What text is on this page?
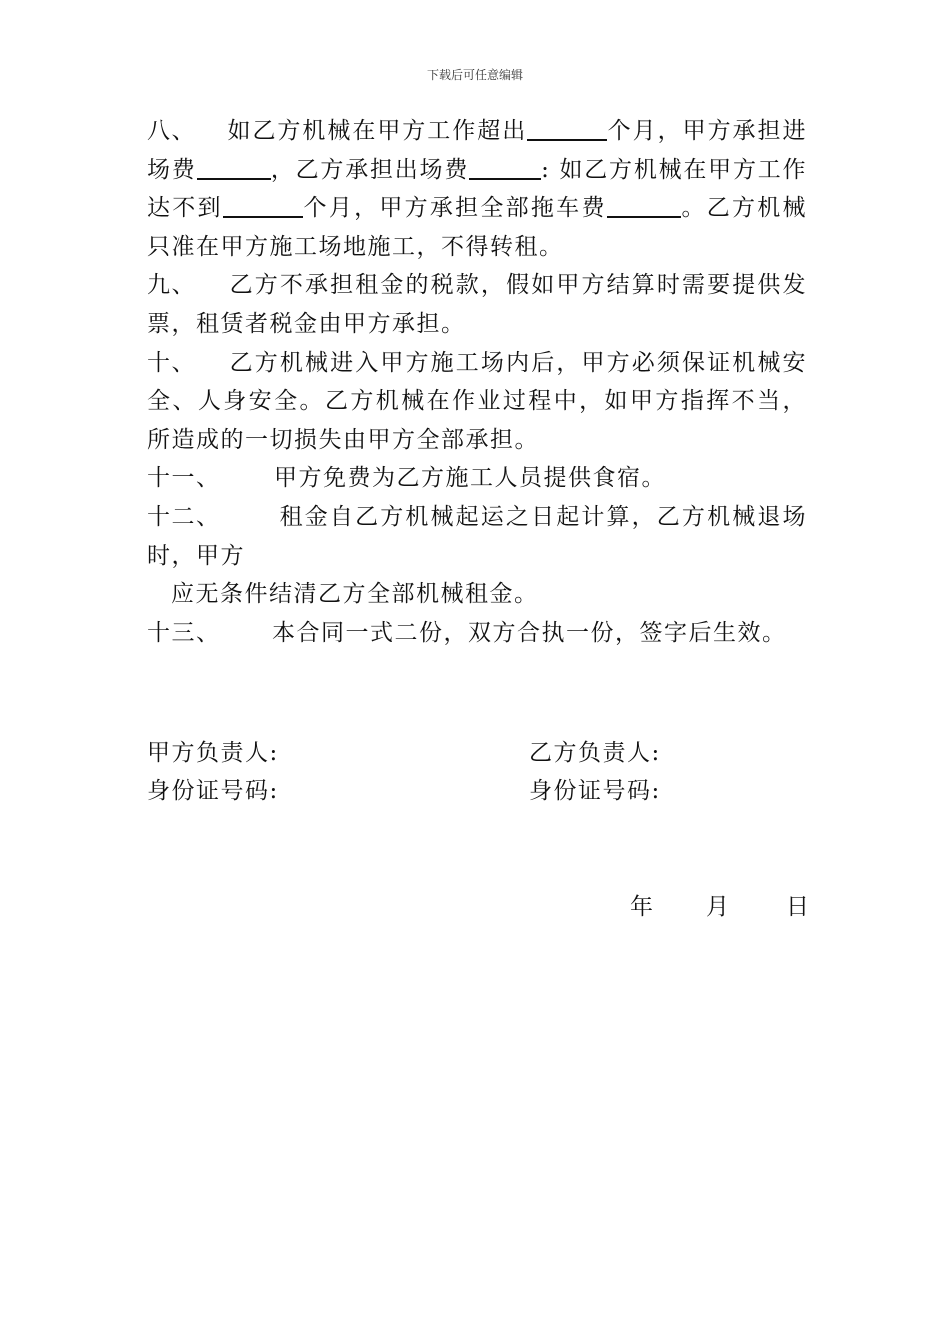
下载后可任意编辑

八、 如乙方机械在甲方工作超出	个月，甲方承担进场费	，乙方承担出场费	: 如乙方机械在甲方工作达不到	个月，甲方承担全部拖车费	。乙方机械只准在甲方施工场地施工，不得转租。

九、 乙方不承担租金的税款，假如甲方结算时需要提供发票，租赁者税金由甲方承担。

十、 乙方机械进入甲方施工场内后，甲方必须保证机械安全、人身安全。乙方机械在作业过程中，如甲方指挥不当，所造成的一切损失由甲方全部承担。

十一、 甲方免费为乙方施工人员提供食宿。

十二、	租金自乙方机械起运之日起计算，乙方机械退场时，甲方

应无条件结清乙方全部机械租金。

十三、 本合同一式二份，双方合执一份，签字后生效。

甲方负责人:	乙方负责人:
身份证号码:	身份证号码:
年 月 日
